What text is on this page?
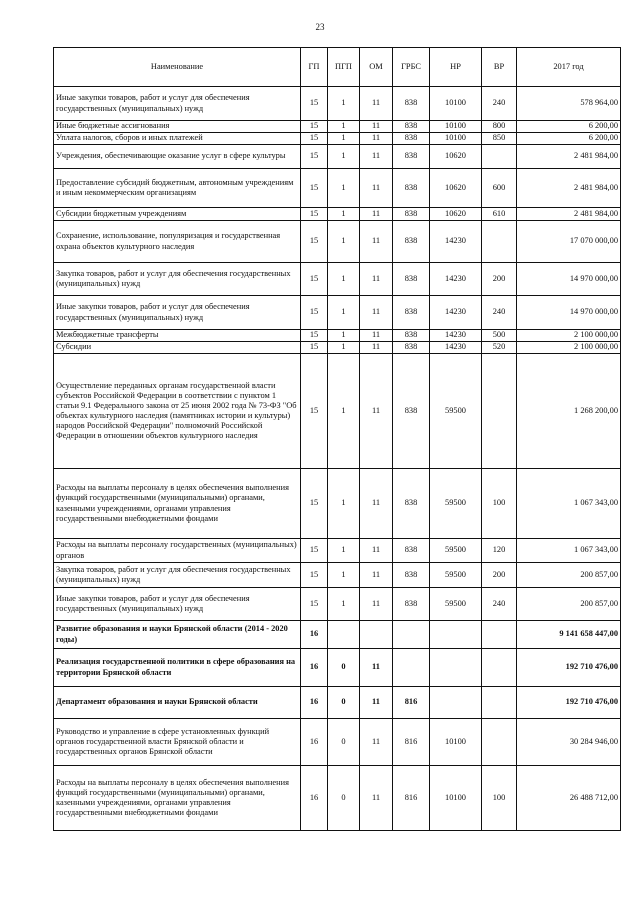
23
Наименование	ГП	ПГП	ОМ	ГРБС	НР	ВР	2017 год
Иные закупки товаров, работ и услуг для обеспечения государственных (муниципальных) нужд	15	1	11	838	10100	240	578 964,00
Иные бюджетные ассигнования	15	1	11	838	10100	800	6 200,00
Уплата налогов, сборов и иных платежей	15	1	11	838	10100	850	6 200,00
Учреждения, обеспечивающие оказание услуг в сфере культуры	15	1	11	838	10620		2 481 984,00
Предоставление субсидий бюджетным, автономным учреждениям и иным некоммерческим организациям	15	1	11	838	10620	600	2 481 984,00
Субсидии бюджетным учреждениям	15	1	11	838	10620	610	2 481 984,00
Сохранение, использование, популяризация и государственная охрана объектов культурного наследия	15	1	11	838	14230		17 070 000,00
Закупка товаров, работ и услуг для обеспечения государственных (муниципальных) нужд	15	1	11	838	14230	200	14 970 000,00
Иные закупки товаров, работ и услуг для обеспечения государственных (муниципальных) нужд	15	1	11	838	14230	240	14 970 000,00
Межбюджетные трансферты	15	1	11	838	14230	500	2 100 000,00
Субсидии	15	1	11	838	14230	520	2 100 000,00
Осуществление переданных органам государственной власти субъектов Российской Федерации в соответствии с пунктом 1 статьи 9.1 Федерального закона от 25 июня 2002 года № 73-ФЗ "Об объектах культурного наследия (памятниках истории и культуры) народов Российской Федерации" полномочий Российской Федерации в отношении объектов культурного наследия	15	1	11	838	59500		1 268 200,00
Расходы на выплаты персоналу в целях обеспечения выполнения функций государственными (муниципальными) органами, казенными учреждениями, органами управления государственными внебюджетными фондами	15	1	11	838	59500	100	1 067 343,00
Расходы на выплаты персоналу государственных (муниципальных) органов	15	1	11	838	59500	120	1 067 343,00
Закупка товаров, работ и услуг для обеспечения государственных (муниципальных) нужд	15	1	11	838	59500	200	200 857,00
Иные закупки товаров, работ и услуг для обеспечения государственных (муниципальных) нужд	15	1	11	838	59500	240	200 857,00
Развитие образования и науки Брянской области (2014 - 2020 годы)	16						9 141 658 447,00
Реализация государственной политики в сфере образования на территории Брянской области	16	0	11				192 710 476,00
Департамент образования и науки Брянской области	16	0	11	816			192 710 476,00
Руководство и управление в сфере установленных функций органов государственной власти Брянской области и государственных органов Брянской области	16	0	11	816	10100		30 284 946,00
Расходы на выплаты персоналу в целях обеспечения выполнения функций государственными (муниципальными) органами, казенными учреждениями, органами управления государственными внебюджетными фондами	16	0	11	816	10100	100	26 488 712,00
